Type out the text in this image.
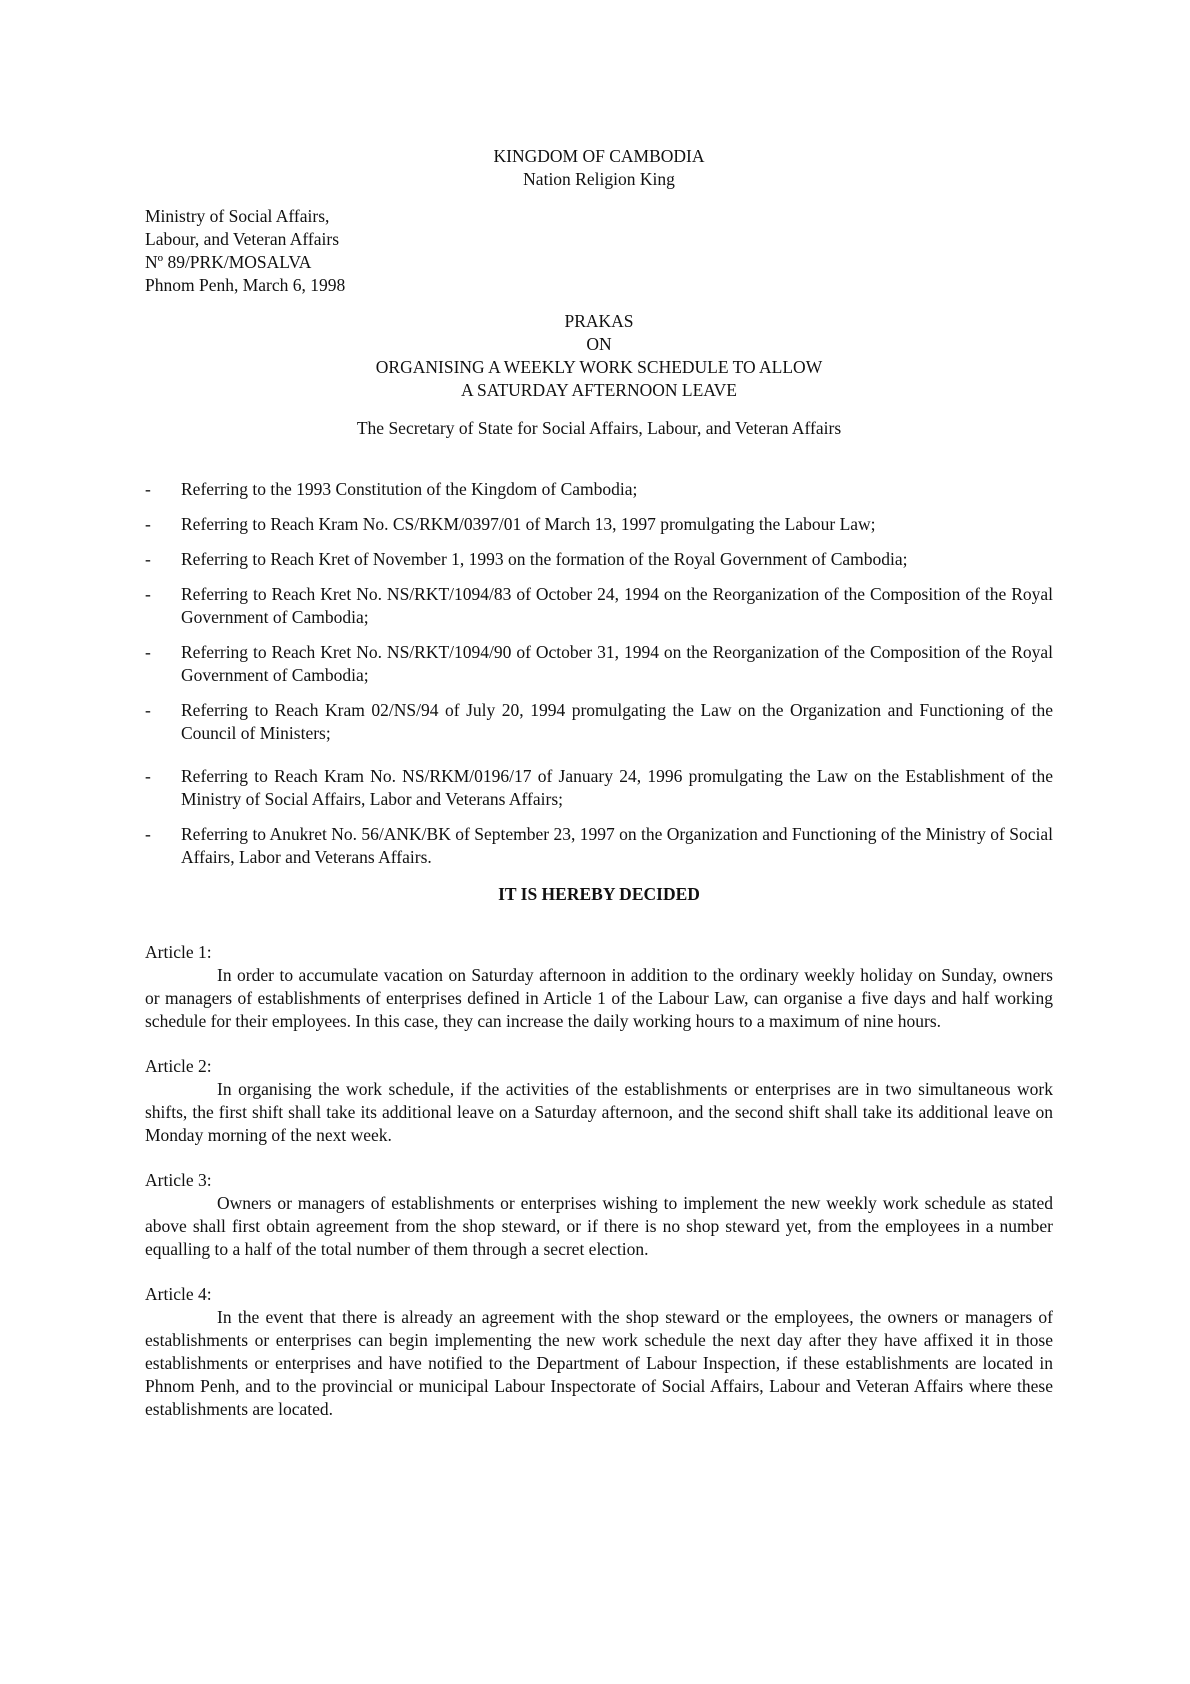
KINGDOM OF CAMBODIA
Nation Religion King
Ministry of Social Affairs,
Labour, and Veteran Affairs
Nº 89/PRK/MOSALVA
Phnom Penh, March 6, 1998
PRAKAS
ON
ORGANISING A WEEKLY WORK SCHEDULE TO ALLOW
A SATURDAY AFTERNOON LEAVE
The Secretary of State for Social Affairs, Labour, and Veteran Affairs
- Referring to the 1993 Constitution of the Kingdom of Cambodia;
- Referring to Reach Kram No. CS/RKM/0397/01 of March 13, 1997 promulgating the Labour Law;
- Referring to Reach Kret of November 1, 1993 on the formation of the Royal Government of Cambodia;
- Referring to Reach Kret No. NS/RKT/1094/83 of October 24, 1994 on the Reorganization of the Composition of the Royal Government of Cambodia;
- Referring to Reach Kret No. NS/RKT/1094/90 of October 31, 1994 on the Reorganization of the Composition of the Royal Government of Cambodia;
- Referring to Reach Kram 02/NS/94 of July 20, 1994 promulgating the Law on the Organization and Functioning of the Council of Ministers;
- Referring to Reach Kram No. NS/RKM/0196/17 of January 24, 1996 promulgating the Law on the Establishment of the Ministry of Social Affairs, Labor and Veterans Affairs;
- Referring to Anukret No. 56/ANK/BK of September 23, 1997 on the Organization and Functioning of the Ministry of Social Affairs, Labor and Veterans Affairs.
IT IS HEREBY DECIDED
Article 1:
In order to accumulate vacation on Saturday afternoon in addition to the ordinary weekly holiday on Sunday, owners or managers of establishments of enterprises defined in Article 1 of the Labour Law, can organise a five days and half working schedule for their employees. In this case, they can increase the daily working hours to a maximum of nine hours.
Article 2:
In organising the work schedule, if the activities of the establishments or enterprises are in two simultaneous work shifts, the first shift shall take its additional leave on a Saturday afternoon, and the second shift shall take its additional leave on Monday morning of the next week.
Article 3:
Owners or managers of establishments or enterprises wishing to implement the new weekly work schedule as stated above shall first obtain agreement from the shop steward, or if there is no shop steward yet, from the employees in a number equalling to a half of the total number of them through a secret election.
Article 4:
In the event that there is already an agreement with the shop steward or the employees, the owners or managers of establishments or enterprises can begin implementing the new work schedule the next day after they have affixed it in those establishments or enterprises and have notified to the Department of Labour Inspection, if these establishments are located in Phnom Penh, and to the provincial or municipal Labour Inspectorate of Social Affairs, Labour and Veteran Affairs where these establishments are located.
